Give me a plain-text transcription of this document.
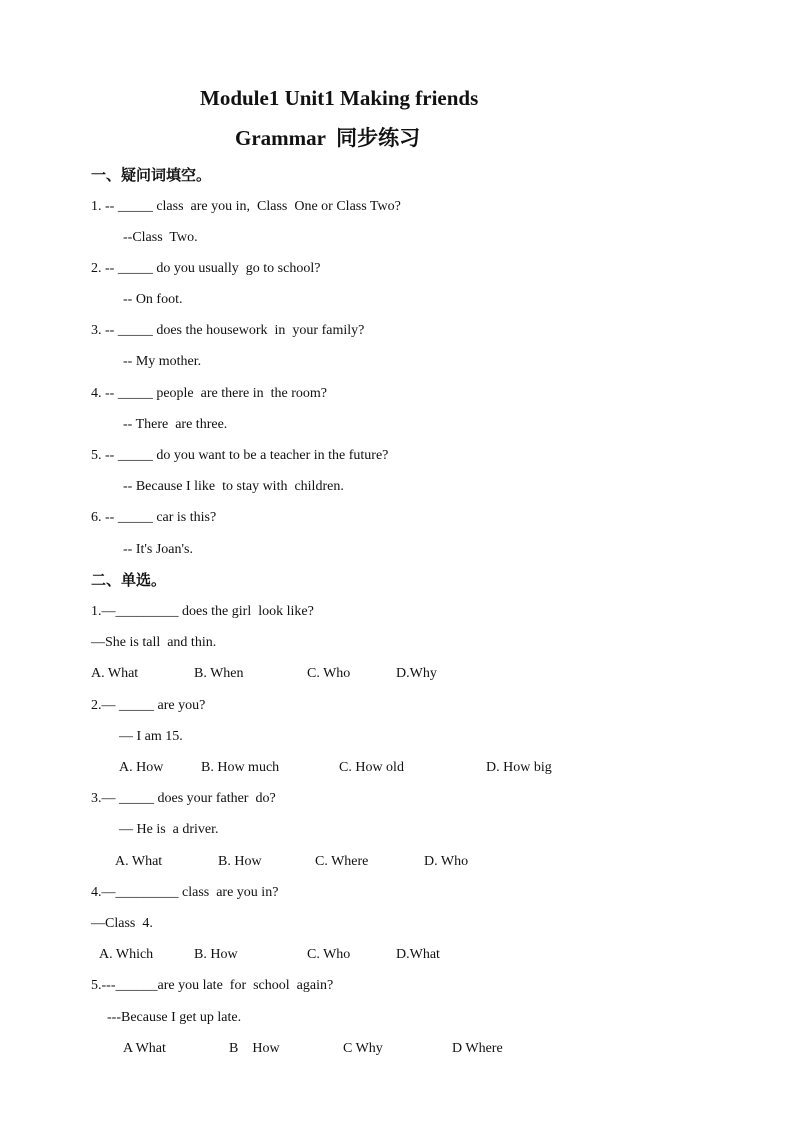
Module1 Unit1 Making friends
Grammar  同步练习
一、疑问词填空。
1. -- _____ class  are you in,  Class  One or Class Two?
--Class  Two.
2. -- _____ do you usually  go to school?
-- On foot.
3. -- _____ does the housework  in  your family?
-- My mother.
4. -- _____ people  are there in  the room?
-- There  are three.
5. -- _____ do you want to be a teacher in the future?
-- Because I like  to stay with  children.
6. -- _____ car is this?
-- It's Joan's.
二、单选。
1.—_________ does the girl  look like?
—She is tall  and thin.
A. What	B. When	C. Who	D.Why
2.— _____ are you?
— I am 15.
A. How	B. How much	C. How old	D. How big
3.— _____ does your father  do?
— He is  a driver.
A. What	B. How	C. Where	D. Who
4.—_________ class  are you in?
—Class  4.
A. Which	B. How	C. Who	D.What
5.---______are you late  for  school  again?
---Because I get up late.
A What	B    How	C Why	D Where
